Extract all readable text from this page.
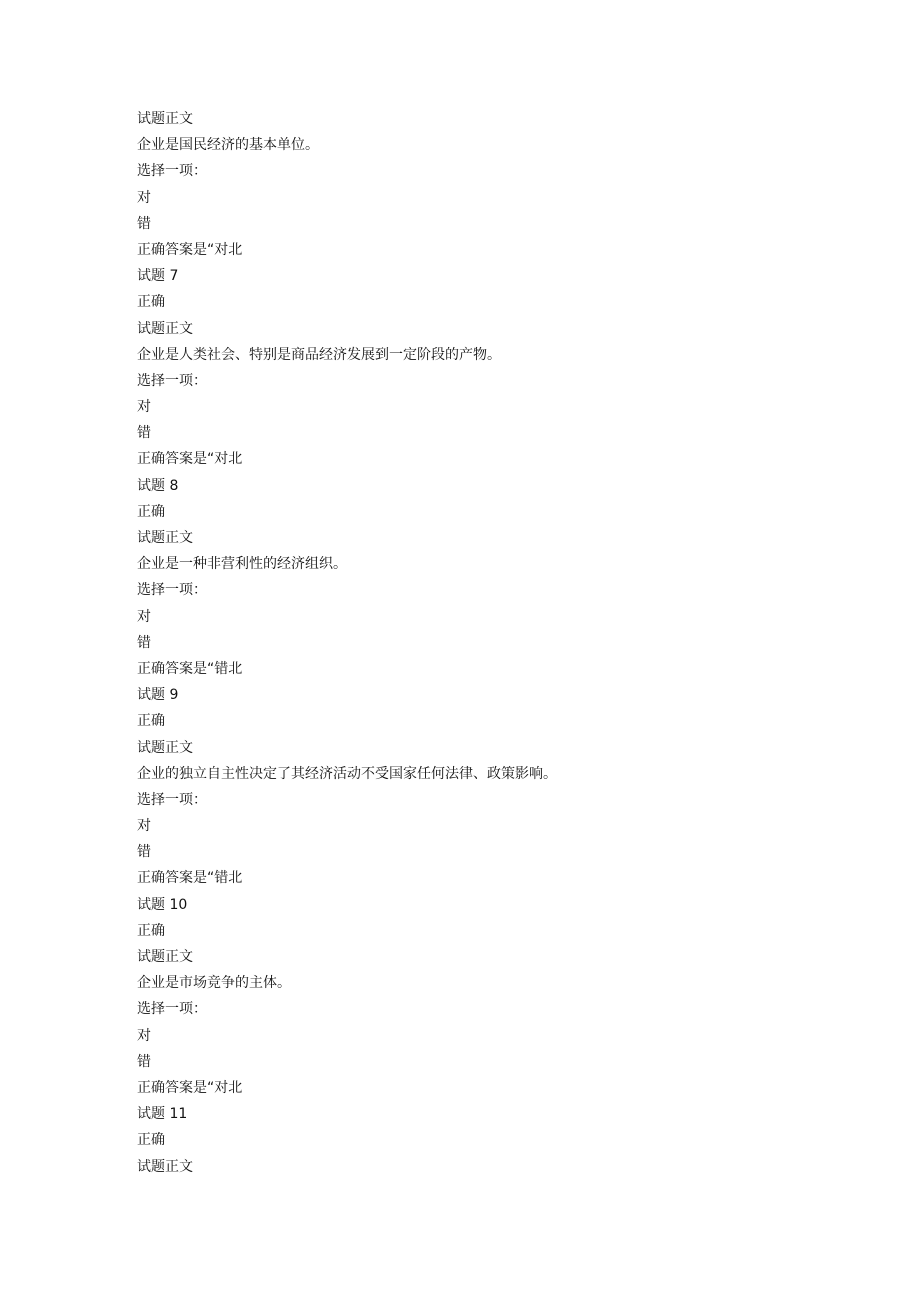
试题正文
企业是国民经济的基本单位。
选择一项：
对
错
正确答案是“对北
试题 7
正确
试题正文
企业是人类社会、特别是商品经济发展到一定阶段的产物。
选择一项：
对
错
正确答案是“对北
试题 8
正确
试题正文
企业是一种非营利性的经济组织。
选择一项：
对
错
正确答案是“错北
试题 9
正确
试题正文
企业的独立自主性决定了其经济活动不受国家任何法律、政策影响。
选择一项：
对
错
正确答案是“错北
试题 10
正确
试题正文
企业是市场竞争的主体。
选择一项：
对
错
正确答案是“对北
试题 11
正确
试题正文
